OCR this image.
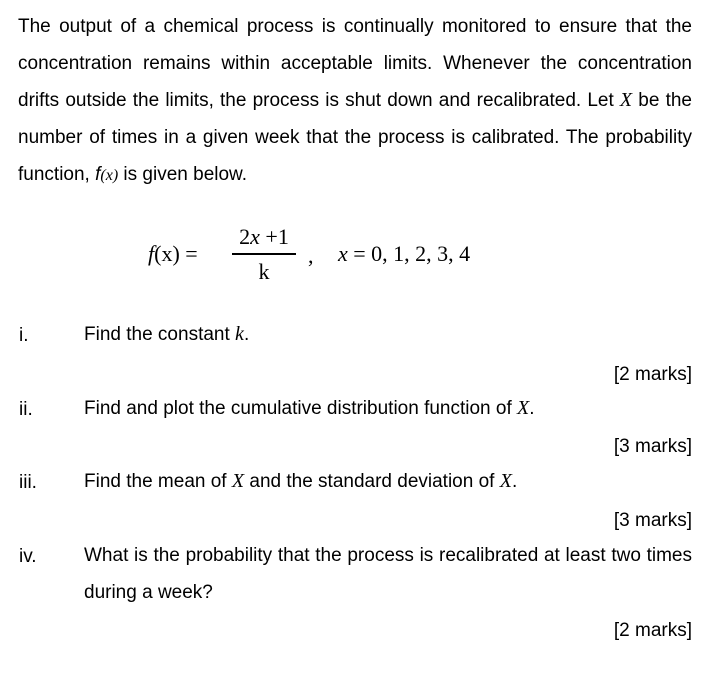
The output of a chemical process is continually monitored to ensure that the concentration remains within acceptable limits. Whenever the concentration drifts outside the limits, the process is shut down and recalibrated. Let X be the number of times in a given week that the process is calibrated. The probability function, f(x) is given below.
f(x) =
2x +1
k
, x = 0, 1, 2, 3, 4
i.	Find the constant k.
[2 marks]
ii.	Find and plot the cumulative distribution function of X.
[3 marks]
iii. Find the mean of X and the standard deviation of X.
[3 marks]
iv. What is the probability that the process is recalibrated at least two times during a week?
[2 marks]
